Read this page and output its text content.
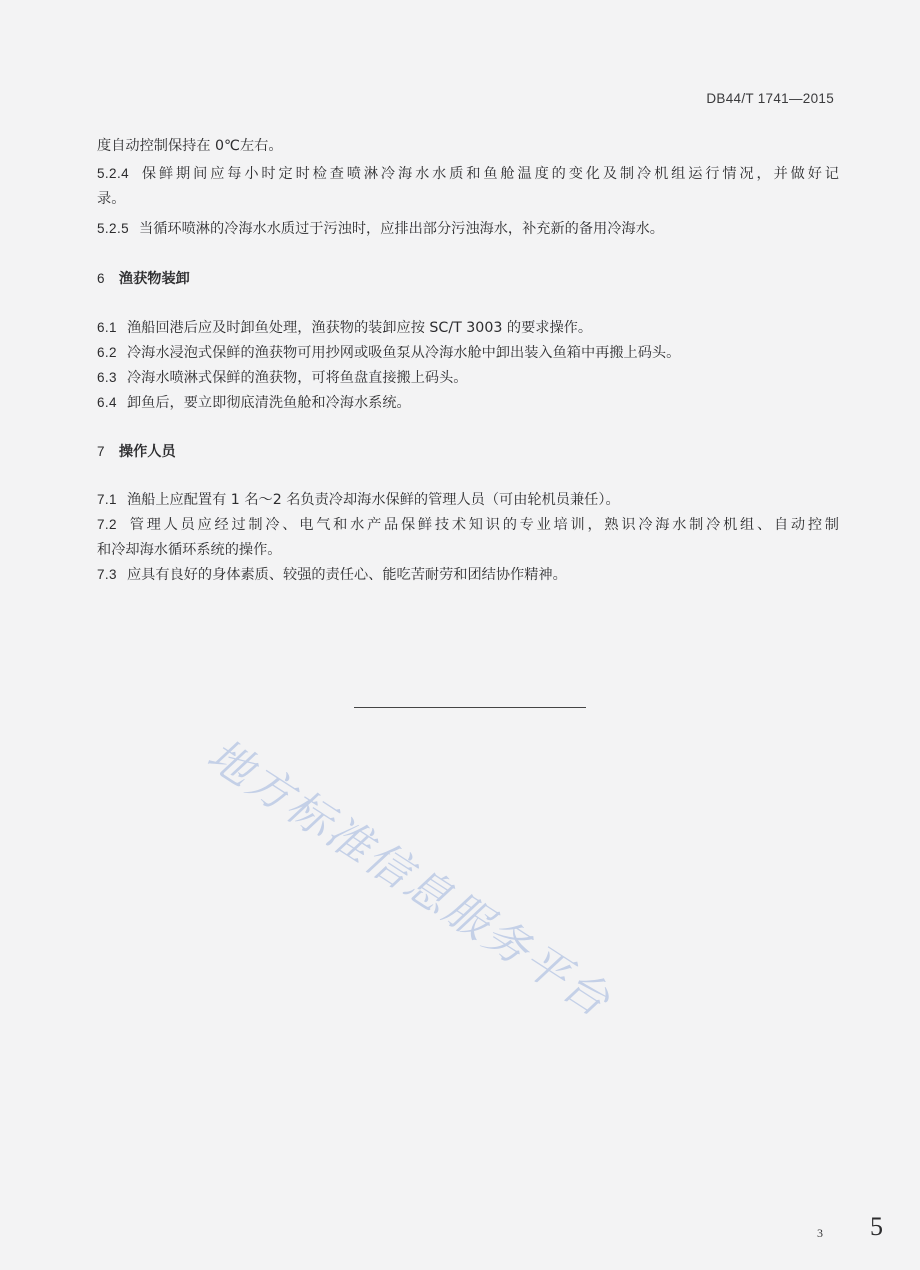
DB44/T 1741—2015
度自动控制保持在 0℃左右。
5.2.4 保鲜期间应每小时定时检查喷淋冷海水水质和鱼舱温度的变化及制冷机组运行情况，并做好记
录。
5.2.5 当循环喷淋的冷海水水质过于污浊时，应排出部分污浊海水，补充新的备用冷海水。
6 渔获物装卸
6.1 渔船回港后应及时卸鱼处理，渔获物的装卸应按 SC/T 3003 的要求操作。
6.2 冷海水浸泡式保鲜的渔获物可用抄网或吸鱼泵从冷海水舱中卸出装入鱼箱中再搬上码头。
6.3 冷海水喷淋式保鲜的渔获物，可将鱼盘直接搬上码头。
6.4 卸鱼后，要立即彻底清洗鱼舱和冷海水系统。
7 操作人员
7.1 渔船上应配置有 1 名～2 名负责冷却海水保鲜的管理人员（可由轮机员兼任）。
7.2 管理人员应经过制冷、电气和水产品保鲜技术知识的专业培训，熟识冷海水制冷机组、自动控制
和冷却海水循环系统的操作。
7.3 应具有良好的身体素质、较强的责任心、能吃苦耐劳和团结协作精神。
地方标准信息服务平台
3 5
